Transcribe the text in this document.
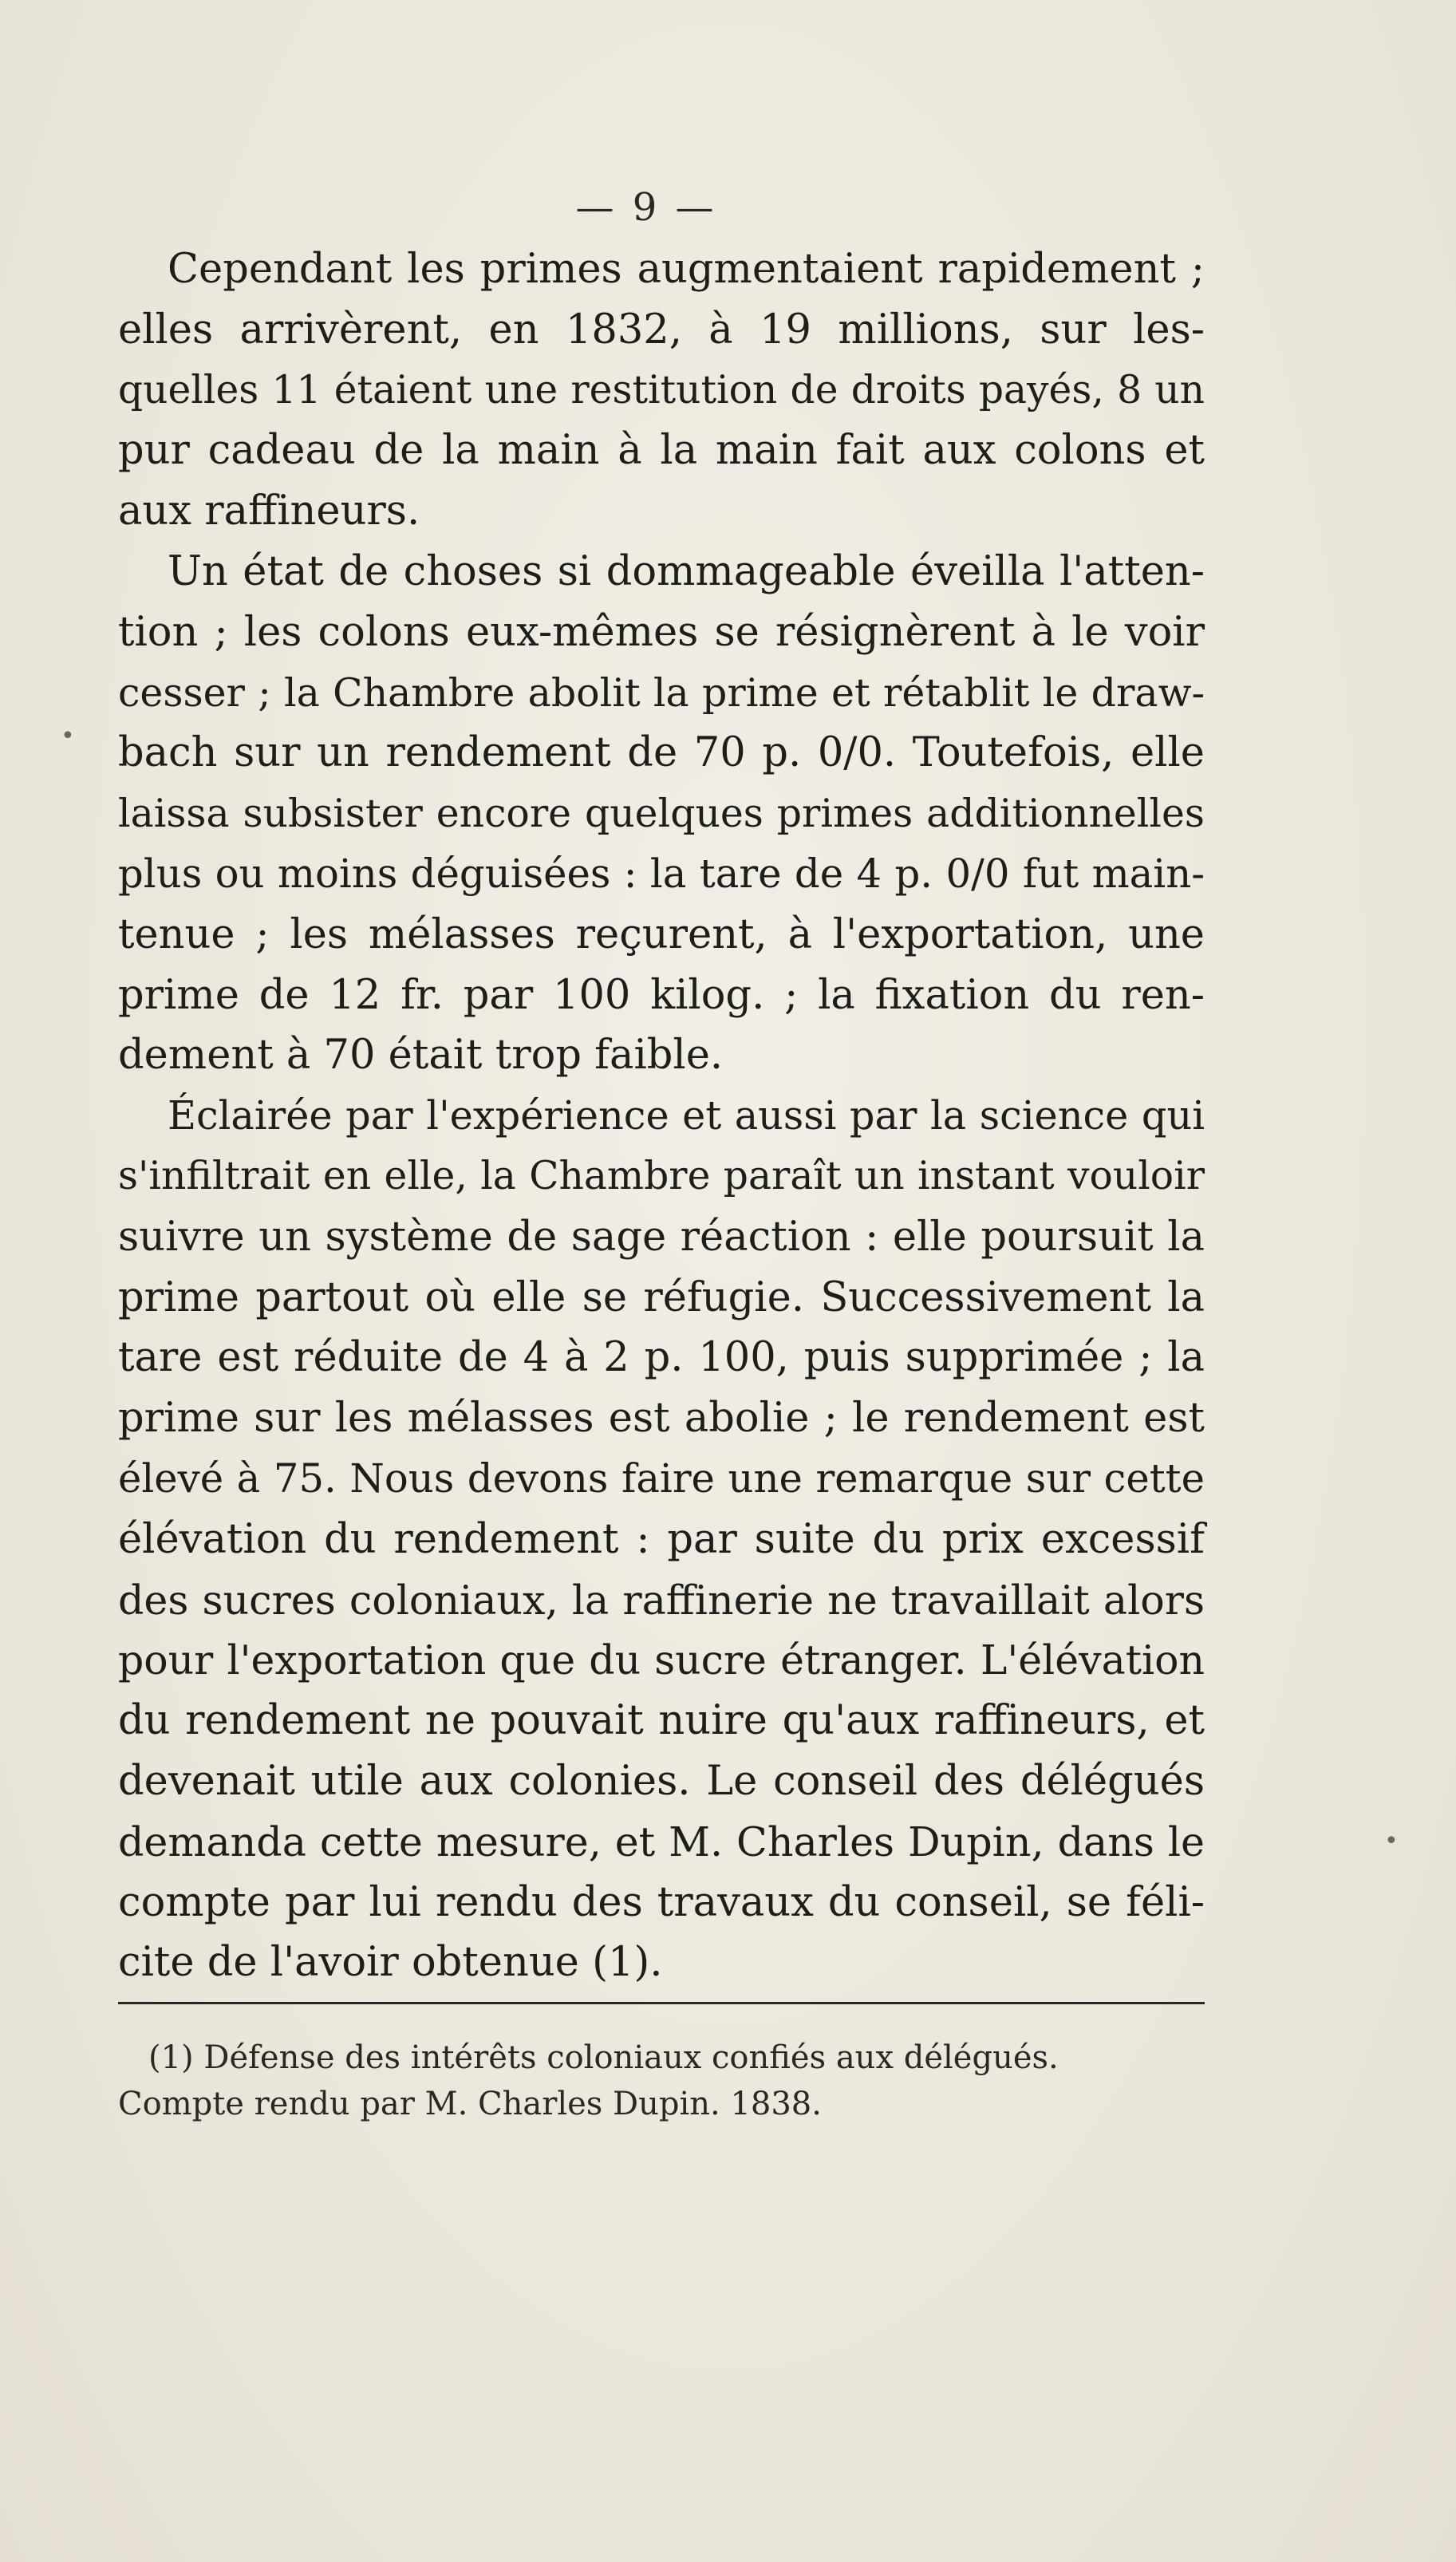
— 9 —
Cependant les primes augmentaient rapidement ;
elles arrivèrent, en 1832, à 19 millions, sur les-
quelles 11 étaient une restitution de droits payés, 8 un
pur cadeau de la main à la main fait aux colons et
aux raffineurs.
Un état de choses si dommageable éveilla l'atten-
tion ; les colons eux-mêmes se résignèrent à le voir
cesser ; la Chambre abolit la prime et rétablit le draw-
bach sur un rendement de 70 p. 0/0. Toutefois, elle
laissa subsister encore quelques primes additionnelles
plus ou moins déguisées : la tare de 4 p. 0/0 fut main-
tenue ; les mélasses reçurent, à l'exportation, une
prime de 12 fr. par 100 kilog. ; la fixation du ren-
dement à 70 était trop faible.
Éclairée par l'expérience et aussi par la science qui
s'infiltrait en elle, la Chambre paraît un instant vouloir
suivre un système de sage réaction : elle poursuit la
prime partout où elle se réfugie. Successivement la
tare est réduite de 4 à 2 p. 100, puis supprimée ; la
prime sur les mélasses est abolie ; le rendement est
élevé à 75. Nous devons faire une remarque sur cette
élévation du rendement : par suite du prix excessif
des sucres coloniaux, la raffinerie ne travaillait alors
pour l'exportation que du sucre étranger. L'élévation
du rendement ne pouvait nuire qu'aux raffineurs, et
devenait utile aux colonies. Le conseil des délégués
demanda cette mesure, et M. Charles Dupin, dans le
compte par lui rendu des travaux du conseil, se féli-
cite de l'avoir obtenue (1).
(1) Défense des intérêts coloniaux confiés aux délégués.
Compte rendu par M. Charles Dupin. 1838.
•
•
